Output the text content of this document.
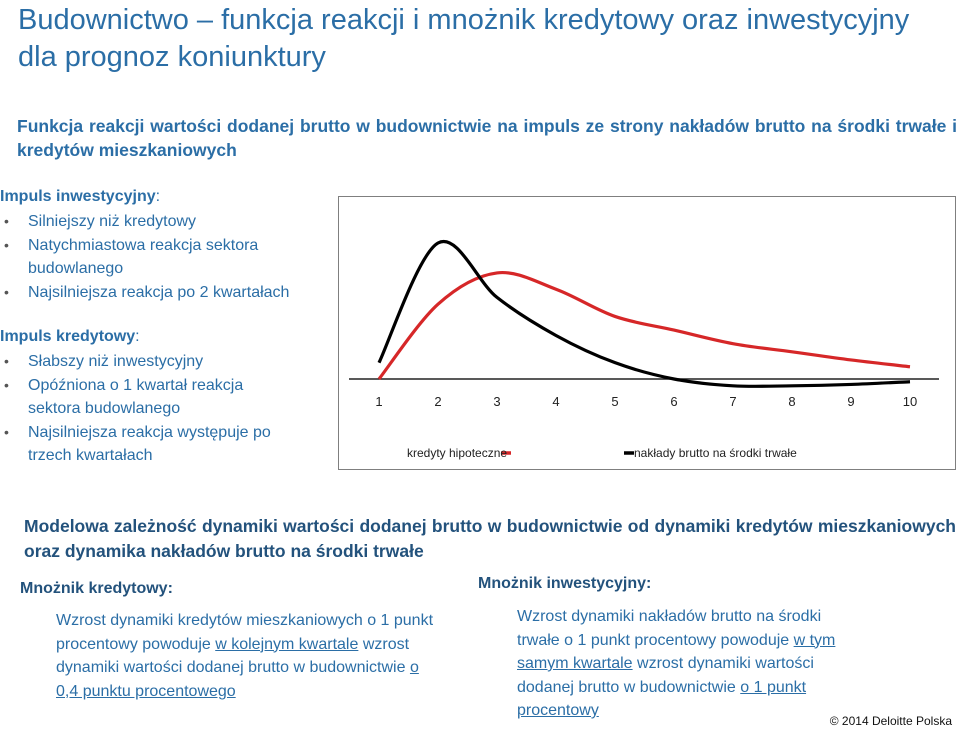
Budownictwo – funkcja reakcji i mnożnik kredytowy oraz inwestycyjny dla prognoz koniunktury
Funkcja reakcji wartości dodanej brutto w budownictwie na impuls ze strony nakładów brutto na środki trwałe i kredytów mieszkaniowych
Impuls inwestycyjny:
• Silniejszy niż kredytowy
• Natychmiastowa reakcja sektora budowlanego
• Najsilniejsza reakcja po 2 kwartałach
Impuls kredytowy:
• Słabszy niż inwestycyjny
• Opóźniona o 1 kwartał reakcja sektora budowlanego
• Najsilniejsza reakcja występuje po trzech kwartałach
1	2	3	4	5	6	7	8	9	10
kredyty hipoteczne	nakłady brutto na środki trwałe
Modelowa zależność dynamiki wartości dodanej brutto w budownictwie od dynamiki kredytów mieszkaniowych oraz dynamika nakładów brutto na środki trwałe
Mnożnik kredytowy:
Wzrost dynamiki kredytów mieszkaniowych o 1 punkt procentowy powoduje w kolejnym kwartale wzrost dynamiki wartości dodanej brutto w budownictwie o 0,4 punktu procentowego
Mnożnik inwestycyjny:
Wzrost dynamiki nakładów brutto na środki trwałe o 1 punkt procentowy powoduje w tym samym kwartale wzrost dynamiki wartości dodanej brutto w budownictwie o 1 punkt procentowy
© 2014 Deloitte Polska
